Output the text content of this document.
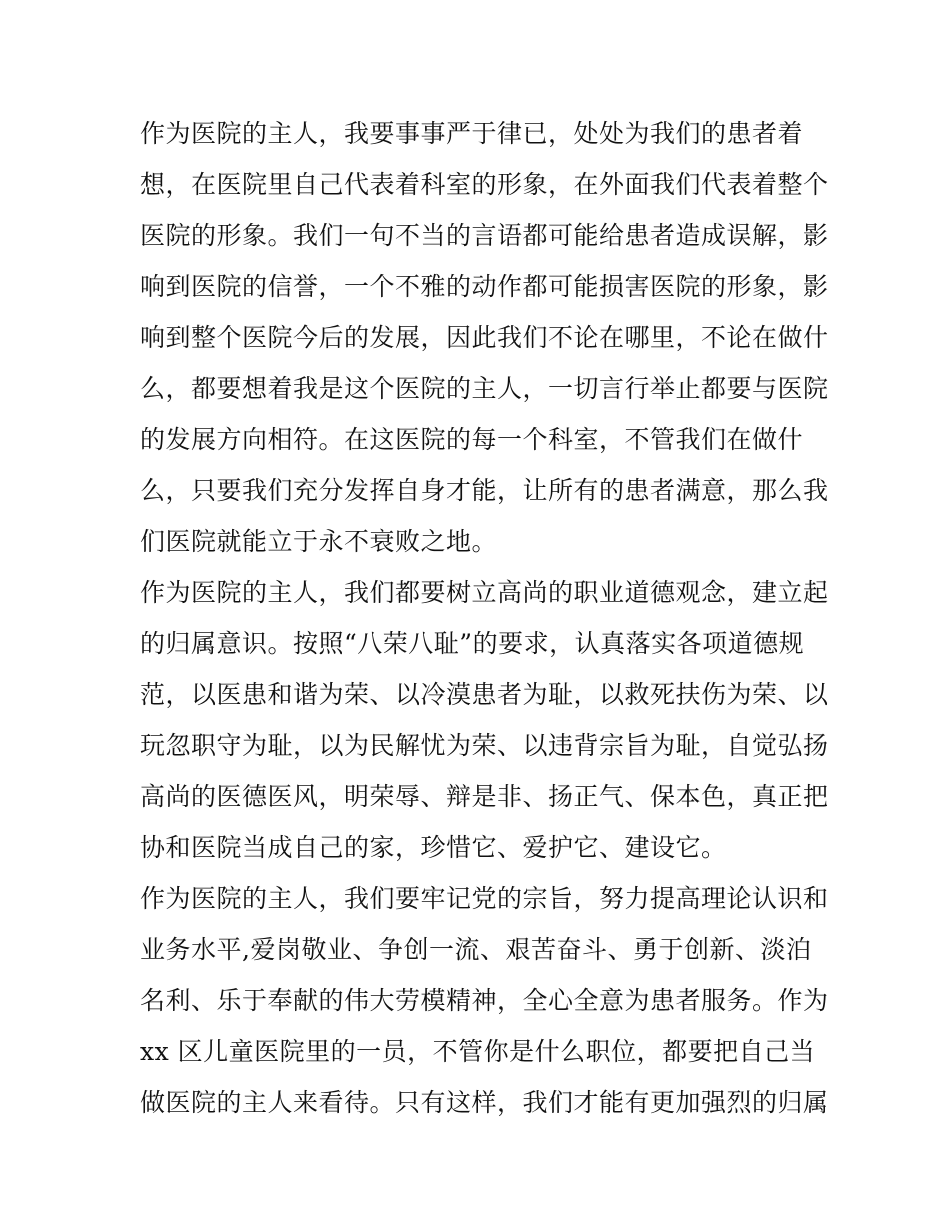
作为医院的主人，我要事事严于律已，处处为我们的患者着
想，在医院里自己代表着科室的形象，在外面我们代表着整个
医院的形象。我们一句不当的言语都可能给患者造成误解，影
响到医院的信誉，一个不雅的动作都可能损害医院的形象，影
响到整个医院今后的发展，因此我们不论在哪里，不论在做什
么，都要想着我是这个医院的主人，一切言行举止都要与医院
的发展方向相符。在这医院的每一个科室，不管我们在做什
么，只要我们充分发挥自身才能，让所有的患者满意，那么我
们医院就能立于永不衰败之地。
作为医院的主人，我们都要树立高尚的职业道德观念，建立起
的归属意识。按照“八荣八耻”的要求，认真落实各项道德规
范，以医患和谐为荣、以冷漠患者为耻，以救死扶伤为荣、以
玩忽职守为耻，以为民解忧为荣、以违背宗旨为耻，自觉弘扬
高尚的医德医风，明荣辱、辩是非、扬正气、保本色，真正把
协和医院当成自己的家，珍惜它、爱护它、建设它。
作为医院的主人，我们要牢记党的宗旨，努力提高理论认识和
业务水平,爱岗敬业、争创一流、艰苦奋斗、勇于创新、淡泊
名利、乐于奉献的伟大劳模精神，全心全意为患者服务。作为
xx 区儿童医院里的一员，不管你是什么职位，都要把自己当
做医院的主人来看待。只有这样，我们才能有更加强烈的归属
